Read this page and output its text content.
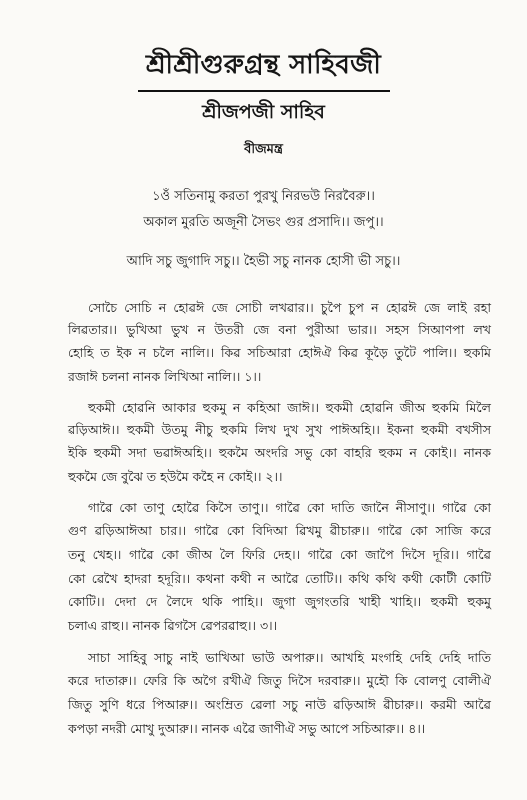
শ্রীশ্রীগুরুগ্রন্থ সাহিবজী
শ্রীজপজী সাহিব
বীজমন্ত্র
১ওঁ সতিনামু করতা পুরখু নিরভউ নিরবৈরু।।
অকাল মুরতি অজূনী সৈভং গুর প্রসাদি।। জপু।।
আদি সচু জুগাদি সচু।। হৈভী সচু নানক হোসী ভী সচু।।
সোচৈ সোচি ন হোৱঈ জে সোচী লখৱার।। চুপৈ চুপ ন হোৱঈ জে লাই রহা
লিৱতার।। ভুখিআ ভুখ ন উতরী জে বনা পুরীআ ভার।। সহস সিআণপা লখ
হোহি ত ইক ন চলৈ নালি।। কিৱ সচিআরা হোঈঐ কিৱ কূড়ৈ তুটৈ পালি।। হুকমি
রজাঈ চলনা নানক লিখিআ নালি।। ১।।
হুকমী হোৱনি আকার হুকমু ন কহিআ জাঈ।। হুকমী হোৱনি জীঅ হুকমি মিলৈ
ৱড়িআঈ।। হুকমী উতমু নীচু হুকমি লিখ দুখ সুখ পাঈঅহি।। ইকনা হুকমী বখসীস
ইকি হুকমী সদা ভৱাঈঅহি।। হুকমৈ অংদরি সভু কো বাহরি হুকম ন কোই।। নানক
হুকমৈ জে বুঝৈ ত হউমৈ কহৈ ন কোই।। ২।।
গাৱৈ কো তাণু হোৱৈ কিসৈ তাণু।। গাৱৈ কো দাতি জানৈ নীসাণু।। গাৱৈ কো
গুণ ৱড়িআঈআ চার।। গাৱৈ কো বিদিআ ৱিখমু ৱীচারু।। গাৱৈ কো সাজি করে
তনু খেহ।। গাৱৈ কো জীঅ লৈ ফিরি দেহ।। গাৱৈ কো জাপৈ দিসৈ দূরি।। গাৱৈ
কো ৱেখৈ হাদরা হদূরি।। কথনা কথী ন আৱৈ তোটি।। কথি কথি কথী কোটী কোটি
কোটি।। দেদা দে লৈদে থকি পাহি।। জুগা জুগংতরি খাহী খাহি।। হুকমী হুকমু
চলাএ রাহু।। নানক ৱিগসৈ ৱেপরৱাহু।। ৩।।
সাচা সাহিবু সাচু নাই ভাখিআ ভাউ অপারু।। আখহি মংগহি দেহি দেহি দাতি
করে দাতারু।। ফেরি কি অগৈ রখীঐ জিতু দিসৈ দরবারু।। মুহৌ কি বোলণু বোলীঐ
জিতু সুণি ধরে পিআরু।। অংম্রিত ৱেলা সচু নাউ ৱড়িআঈ ৱীচারু।। করমী আৱৈ
কপড়া নদরী মোখু দুআরু।। নানক এৱৈ জাণীঐ সভু আপে সচিআরু।। ৪।।
